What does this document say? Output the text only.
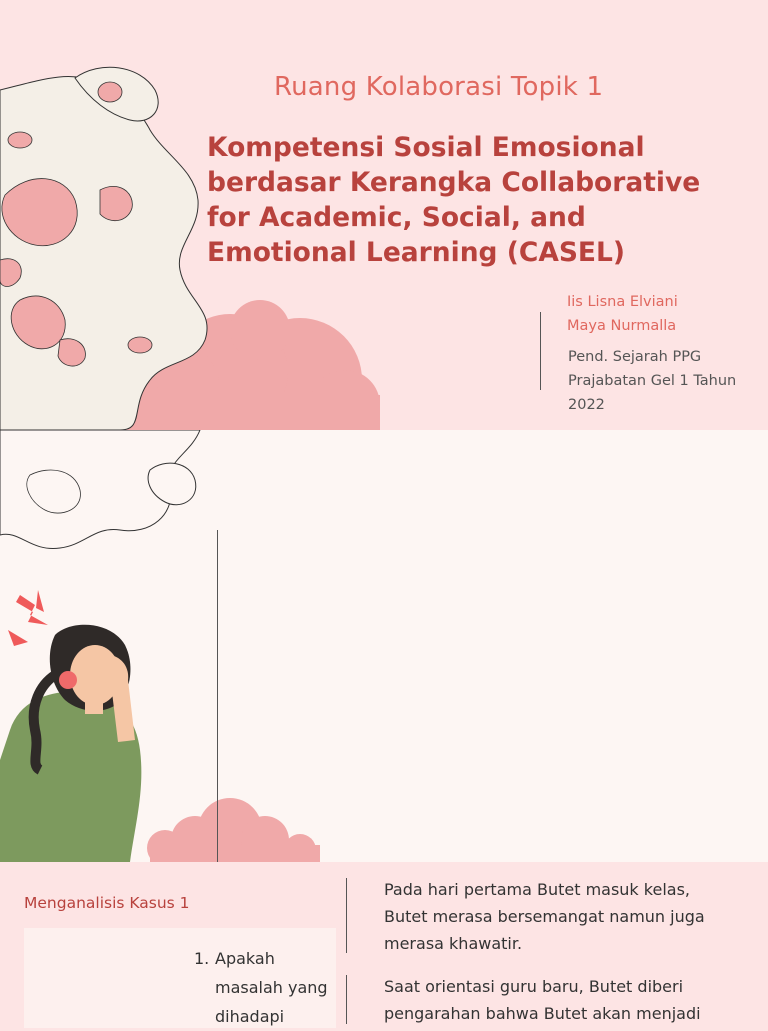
Ruang Kolaborasi Topik 1
Kompetensi Sosial Emosional
berdasar Kerangka Collaborative
for Academic, Social, and
Emotional Learning (CASEL)
Iis Lisna Elviani
Maya Nurmalla
Pend. Sejarah PPG
Prajabatan Gel 1 Tahun
2022
Menganalisis Kasus 1
1. Apakah
masalah yang
dihadapi
Pada hari pertama Butet masuk kelas,
Butet merasa bersemangat namun juga
merasa khawatir.
Saat orientasi guru baru, Butet diberi
pengarahan bahwa Butet akan menjadi
